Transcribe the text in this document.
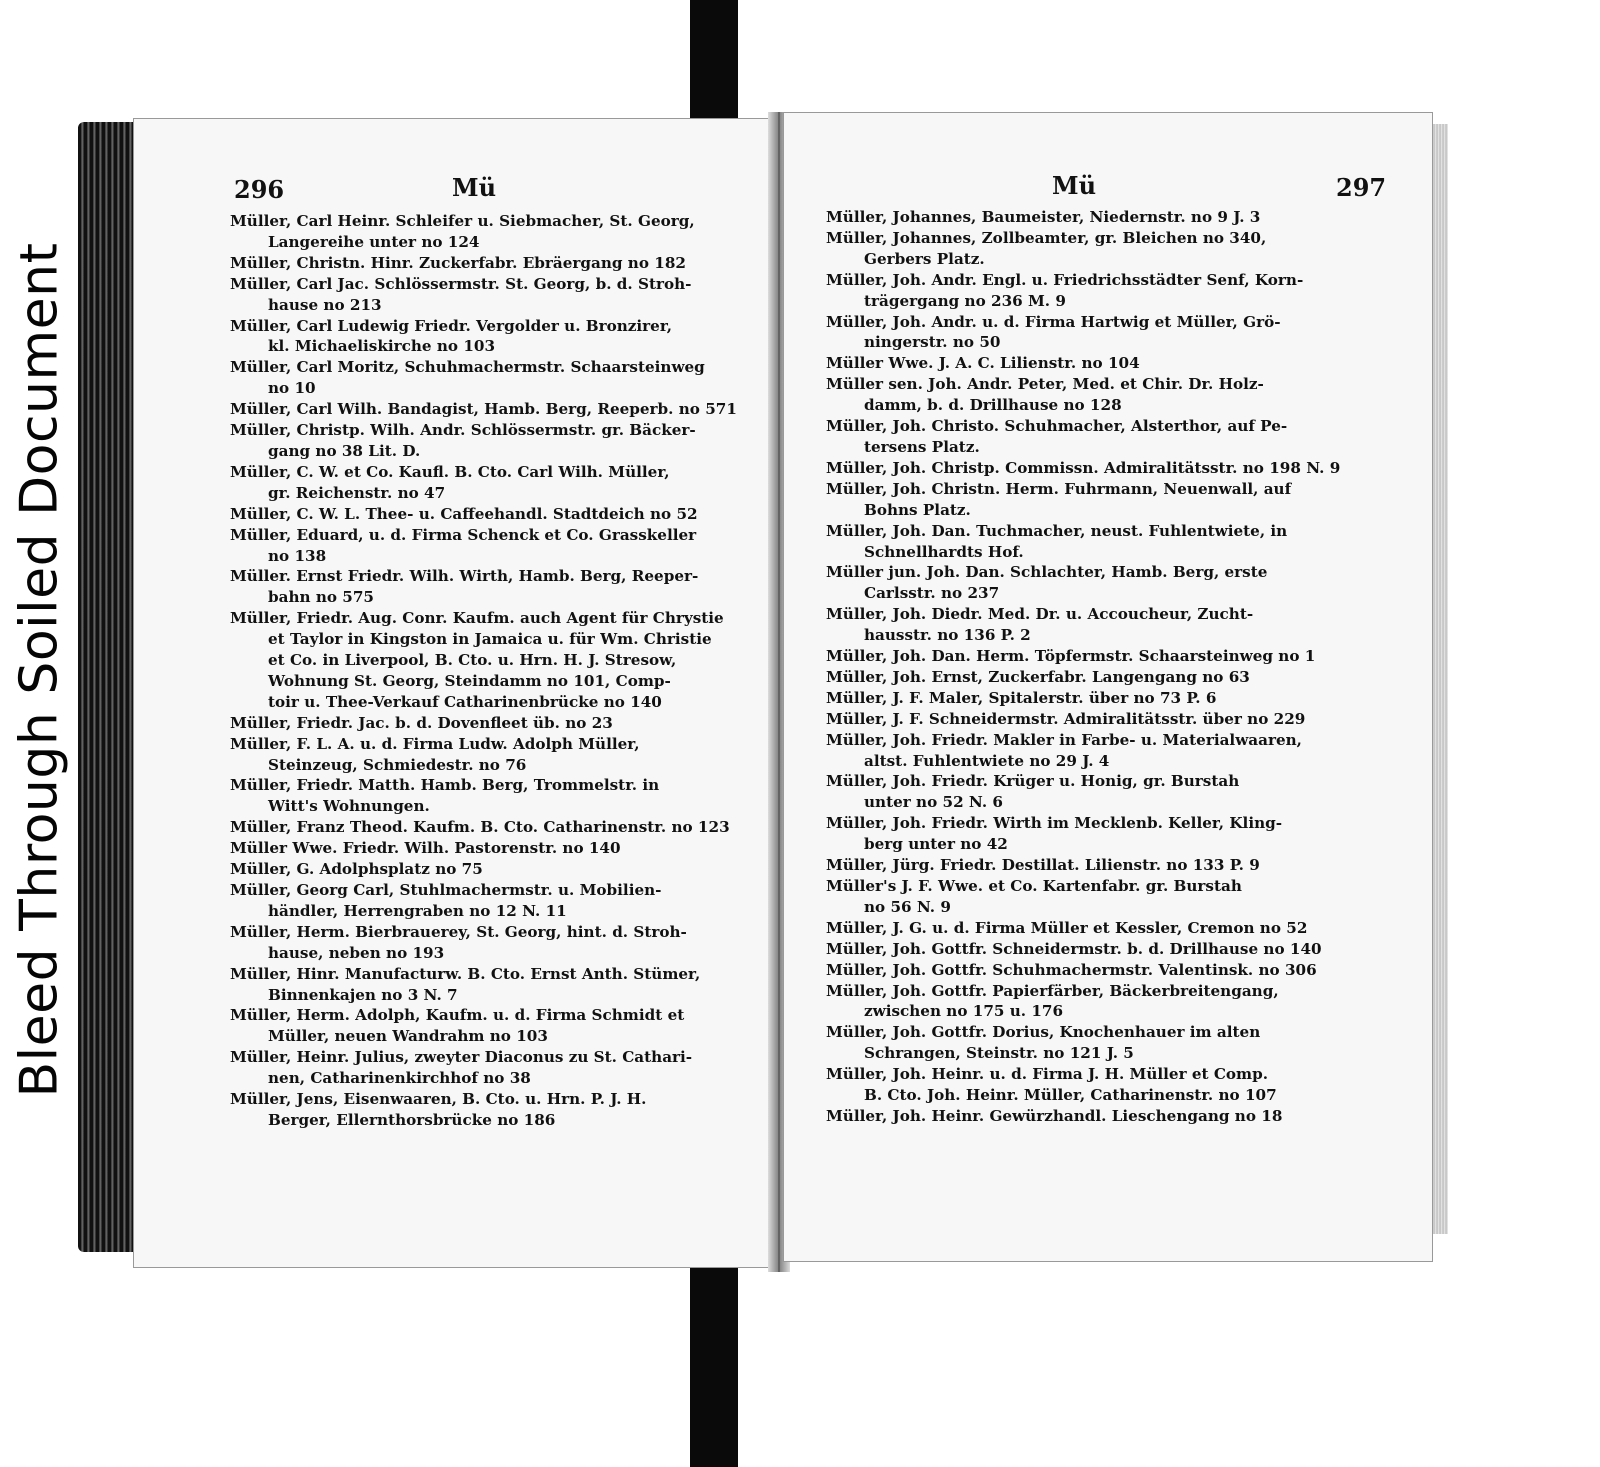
Bleed Through Soiled Document
296	Mü
Müller, Carl Heinr. Schleifer u. Siebmacher, St. Georg,
Langereihe unter no 124
Müller, Christn. Hinr. Zuckerfabr. Ebräergang no 182
Müller, Carl Jac. Schlössermstr. St. Georg, b. d. Stroh-
hause no 213
Müller, Carl Ludewig Friedr. Vergolder u. Bronzirer,
kl. Michaeliskirche no 103
Müller, Carl Moritz, Schuhmachermstr. Schaarsteinweg
no 10
Müller, Carl Wilh. Bandagist, Hamb. Berg, Reeperb. no 571
Müller, Christp. Wilh. Andr. Schlössermstr. gr. Bäcker-
gang no 38 Lit. D.
Müller, C. W. et Co. Kaufl. B. Cto. Carl Wilh. Müller,
gr. Reichenstr. no 47
Müller, C. W. L. Thee- u. Caffeehandl. Stadtdeich no 52
Müller, Eduard, u. d. Firma Schenck et Co. Grasskeller
no 138
Müller. Ernst Friedr. Wilh. Wirth, Hamb. Berg, Reeper-
bahn no 575
Müller, Friedr. Aug. Conr. Kaufm. auch Agent für Chrystie
et Taylor in Kingston in Jamaica u. für Wm. Christie
et Co. in Liverpool, B. Cto. u. Hrn. H. J. Stresow,
Wohnung St. Georg, Steindamm no 101, Comp-
toir u. Thee-Verkauf Catharinenbrücke no 140
Müller, Friedr. Jac. b. d. Dovenfleet üb. no 23
Müller, F. L. A. u. d. Firma Ludw. Adolph Müller,
Steinzeug, Schmiedestr. no 76
Müller, Friedr. Matth. Hamb. Berg, Trommelstr. in
Witt's Wohnungen.
Müller, Franz Theod. Kaufm. B. Cto. Catharinenstr. no 123
Müller Wwe. Friedr. Wilh. Pastorenstr. no 140
Müller, G. Adolphsplatz no 75
Müller, Georg Carl, Stuhlmachermstr. u. Mobilien-
händler, Herrengraben no 12 N. 11
Müller, Herm. Bierbrauerey, St. Georg, hint. d. Stroh-
hause, neben no 193
Müller, Hinr. Manufacturw. B. Cto. Ernst Anth. Stümer,
Binnenkajen no 3 N. 7
Müller, Herm. Adolph, Kaufm. u. d. Firma Schmidt et
Müller, neuen Wandrahm no 103
Müller, Heinr. Julius, zweyter Diaconus zu St. Cathari-
nen, Catharinenkirchhof no 38
Müller, Jens, Eisenwaaren, B. Cto. u. Hrn. P. J. H.
Berger, Ellernthorsbrücke no 186
Mü	297
Müller, Johannes, Baumeister, Niedernstr. no 9 J. 3
Müller, Johannes, Zollbeamter, gr. Bleichen no 340,
Gerbers Platz.
Müller, Joh. Andr. Engl. u. Friedrichsstädter Senf, Korn-
trägergang no 236 M. 9
Müller, Joh. Andr. u. d. Firma Hartwig et Müller, Grö-
ningerstr. no 50
Müller Wwe. J. A. C. Lilienstr. no 104
Müller sen. Joh. Andr. Peter, Med. et Chir. Dr. Holz-
damm, b. d. Drillhause no 128
Müller, Joh. Christo. Schuhmacher, Alsterthor, auf Pe-
tersens Platz.
Müller, Joh. Christp. Commissn. Admiralitätsstr. no 198 N. 9
Müller, Joh. Christn. Herm. Fuhrmann, Neuenwall, auf
Bohns Platz.
Müller, Joh. Dan. Tuchmacher, neust. Fuhlentwiete, in
Schnellhardts Hof.
Müller jun. Joh. Dan. Schlachter, Hamb. Berg, erste
Carlsstr. no 237
Müller, Joh. Diedr. Med. Dr. u. Accoucheur, Zucht-
hausstr. no 136 P. 2
Müller, Joh. Dan. Herm. Töpfermstr. Schaarsteinweg no 1
Müller, Joh. Ernst, Zuckerfabr. Langengang no 63
Müller, J. F. Maler, Spitalerstr. über no 73 P. 6
Müller, J. F. Schneidermstr. Admiralitätsstr. über no 229
Müller, Joh. Friedr. Makler in Farbe- u. Materialwaaren,
altst. Fuhlentwiete no 29 J. 4
Müller, Joh. Friedr. Krüger u. Honig, gr. Burstah
unter no 52 N. 6
Müller, Joh. Friedr. Wirth im Mecklenb. Keller, Kling-
berg unter no 42
Müller, Jürg. Friedr. Destillat. Lilienstr. no 133 P. 9
Müller's J. F. Wwe. et Co. Kartenfabr. gr. Burstah
no 56 N. 9
Müller, J. G. u. d. Firma Müller et Kessler, Cremon no 52
Müller, Joh. Gottfr. Schneidermstr. b. d. Drillhause no 140
Müller, Joh. Gottfr. Schuhmachermstr. Valentinsk. no 306
Müller, Joh. Gottfr. Papierfärber, Bäckerbreitengang,
zwischen no 175 u. 176
Müller, Joh. Gottfr. Dorius, Knochenhauer im alten
Schrangen, Steinstr. no 121 J. 5
Müller, Joh. Heinr. u. d. Firma J. H. Müller et Comp.
B. Cto. Joh. Heinr. Müller, Catharinenstr. no 107
Müller, Joh. Heinr. Gewürzhandl. Lieschengang no 18
